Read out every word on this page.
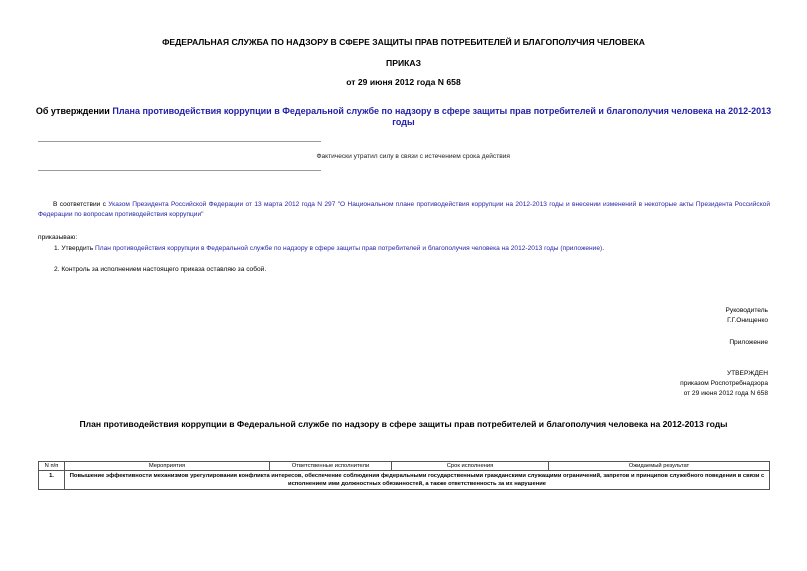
ФЕДЕРАЛЬНАЯ СЛУЖБА ПО НАДЗОРУ В СФЕРЕ ЗАЩИТЫ ПРАВ ПОТРЕБИТЕЛЕЙ И БЛАГОПОЛУЧИЯ ЧЕЛОВЕКА
ПРИКАЗ
от 29 июня 2012 года N 658
Об утверждении Плана противодействия коррупции в Федеральной службе по надзору в сфере защиты прав потребителей и благополучия человека на 2012-2013 годы
Фактически утратил силу в связи с истечением срока действия
В соответствии с Указом Президента Российской Федерации от 13 марта 2012 года N 297 "О Национальном плане противодействия коррупции на 2012-2013 годы и внесении изменений в некоторые акты Президента Российской Федерации по вопросам противодействия коррупции"
приказываю:
1. Утвердить План противодействия коррупции в Федеральной службе по надзору в сфере защиты прав потребителей и благополучия человека на 2012-2013 годы (приложение).
2. Контроль за исполнением настоящего приказа оставляю за собой.
Руководитель
Г.Г.Онищенко
Приложение
УТВЕРЖДЕН
приказом Роспотребнадзора
от 29 июня 2012 года N 658
План противодействия коррупции в Федеральной службе по надзору в сфере защиты прав потребителей и благополучия человека на 2012-2013 годы
N п/п	Мероприятия	Ответственные исполнители	Срок исполнения	Ожидаемый результат
1.	Повышение эффективности механизмов урегулирования конфликта интересов, обеспечение соблюдения федеральными государственными гражданскими служащими ограничений, запретов и принципов служебного поведения в связи с исполнением ими должностных обязанностей, а также ответственность за их нарушение			
